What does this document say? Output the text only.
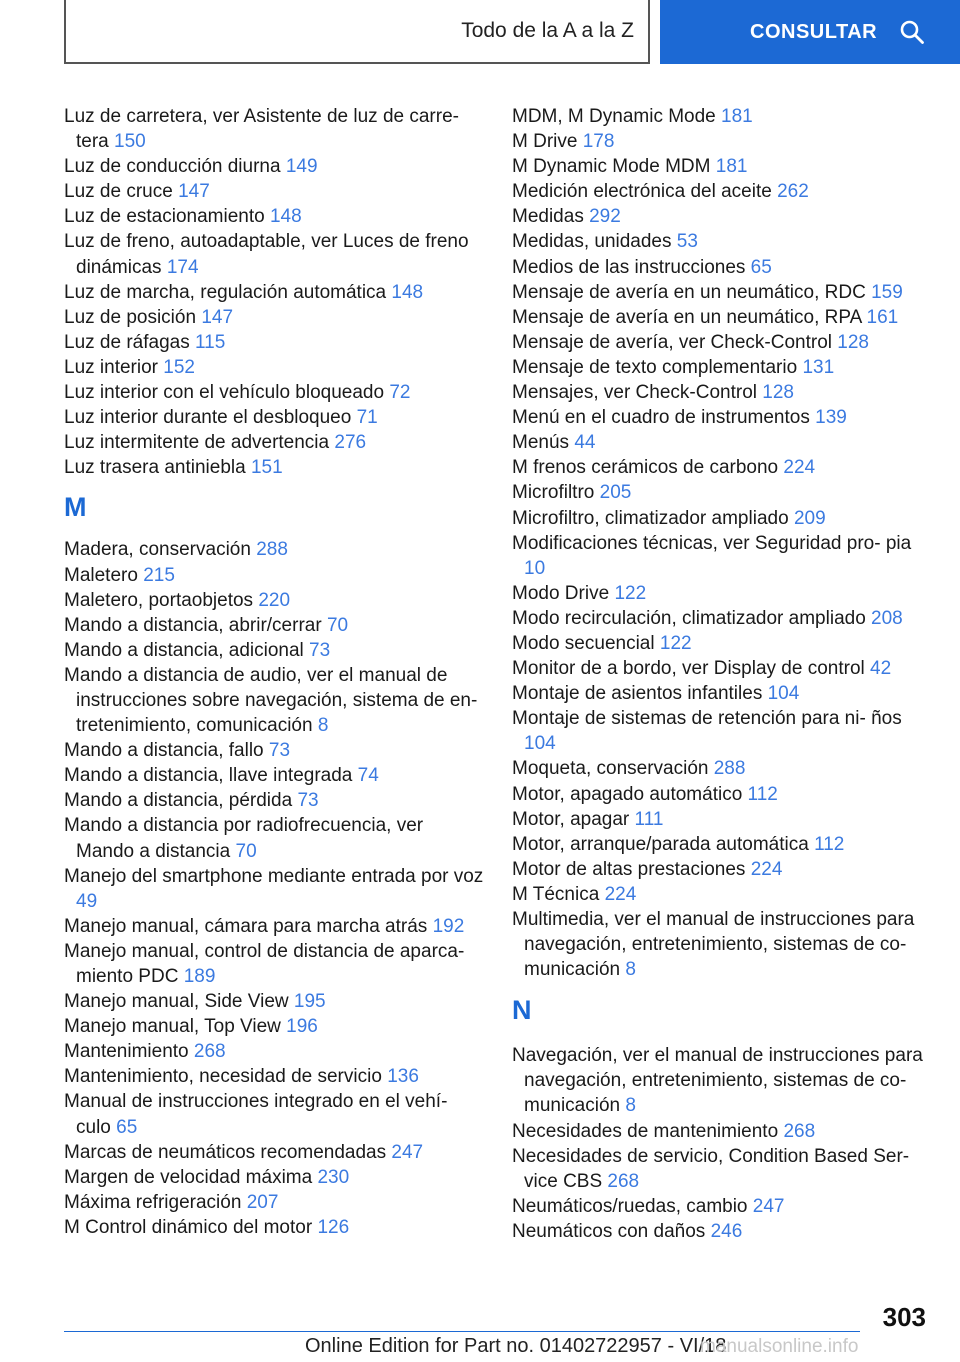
Todo de la A a la Z	CONSULTAR
Luz de carretera, ver Asistente de luz de carre‐ tera 150
Luz de conducción diurna 149
Luz de cruce 147
Luz de estacionamiento 148
Luz de freno, autoadaptable, ver Luces de freno dinámicas 174
Luz de marcha, regulación automática 148
Luz de posición 147
Luz de ráfagas 115
Luz interior 152
Luz interior con el vehículo bloqueado 72
Luz interior durante el desbloqueo 71
Luz intermitente de advertencia 276
Luz trasera antiniebla 151
M
Madera, conservación 288
Maletero 215
Maletero, portaobjetos 220
Mando a distancia, abrir/cerrar 70
Mando a distancia, adicional 73
Mando a distancia de audio, ver el manual de instrucciones sobre navegación, sistema de en‐ tretenimiento, comunicación 8
Mando a distancia, fallo 73
Mando a distancia, llave integrada 74
Mando a distancia, pérdida 73
Mando a distancia por radiofrecuencia, ver Mando a distancia 70
Manejo del smartphone mediante entrada por voz 49
Manejo manual, cámara para marcha atrás 192
Manejo manual, control de distancia de aparca‐ miento PDC 189
Manejo manual, Side View 195
Manejo manual, Top View 196
Mantenimiento 268
Mantenimiento, necesidad de servicio 136
Manual de instrucciones integrado en el vehí‐ culo 65
Marcas de neumáticos recomendadas 247
Margen de velocidad máxima 230
Máxima refrigeración 207
M Control dinámico del motor 126
MDM, M Dynamic Mode 181
M Drive 178
M Dynamic Mode MDM 181
Medición electrónica del aceite 262
Medidas 292
Medidas, unidades 53
Medios de las instrucciones 65
Mensaje de avería en un neumático, RDC 159
Mensaje de avería en un neumático, RPA 161
Mensaje de avería, ver Check-Control 128
Mensaje de texto complementario 131
Mensajes, ver Check-Control 128
Menú en el cuadro de instrumentos 139
Menús 44
M frenos cerámicos de carbono 224
Microfiltro 205
Microfiltro, climatizador ampliado 209
Modificaciones técnicas, ver Seguridad pro‐ pia 10
Modo Drive 122
Modo recirculación, climatizador ampliado 208
Modo secuencial 122
Monitor de a bordo, ver Display de control 42
Montaje de asientos infantiles 104
Montaje de sistemas de retención para ni‐ ños 104
Moqueta, conservación 288
Motor, apagado automático 112
Motor, apagar 111
Motor, arranque/parada automática 112
Motor de altas prestaciones 224
M Técnica 224
Multimedia, ver el manual de instrucciones para navegación, entretenimiento, sistemas de co‐ municación 8
N
Navegación, ver el manual de instrucciones para navegación, entretenimiento, sistemas de co‐ municación 8
Necesidades de mantenimiento 268
Necesidades de servicio, Condition Based Ser‐ vice CBS 268
Neumáticos/ruedas, cambio 247
Neumáticos con daños 246
303
Online Edition for Part no. 01402722957 - VI/18
manualsonline.info
